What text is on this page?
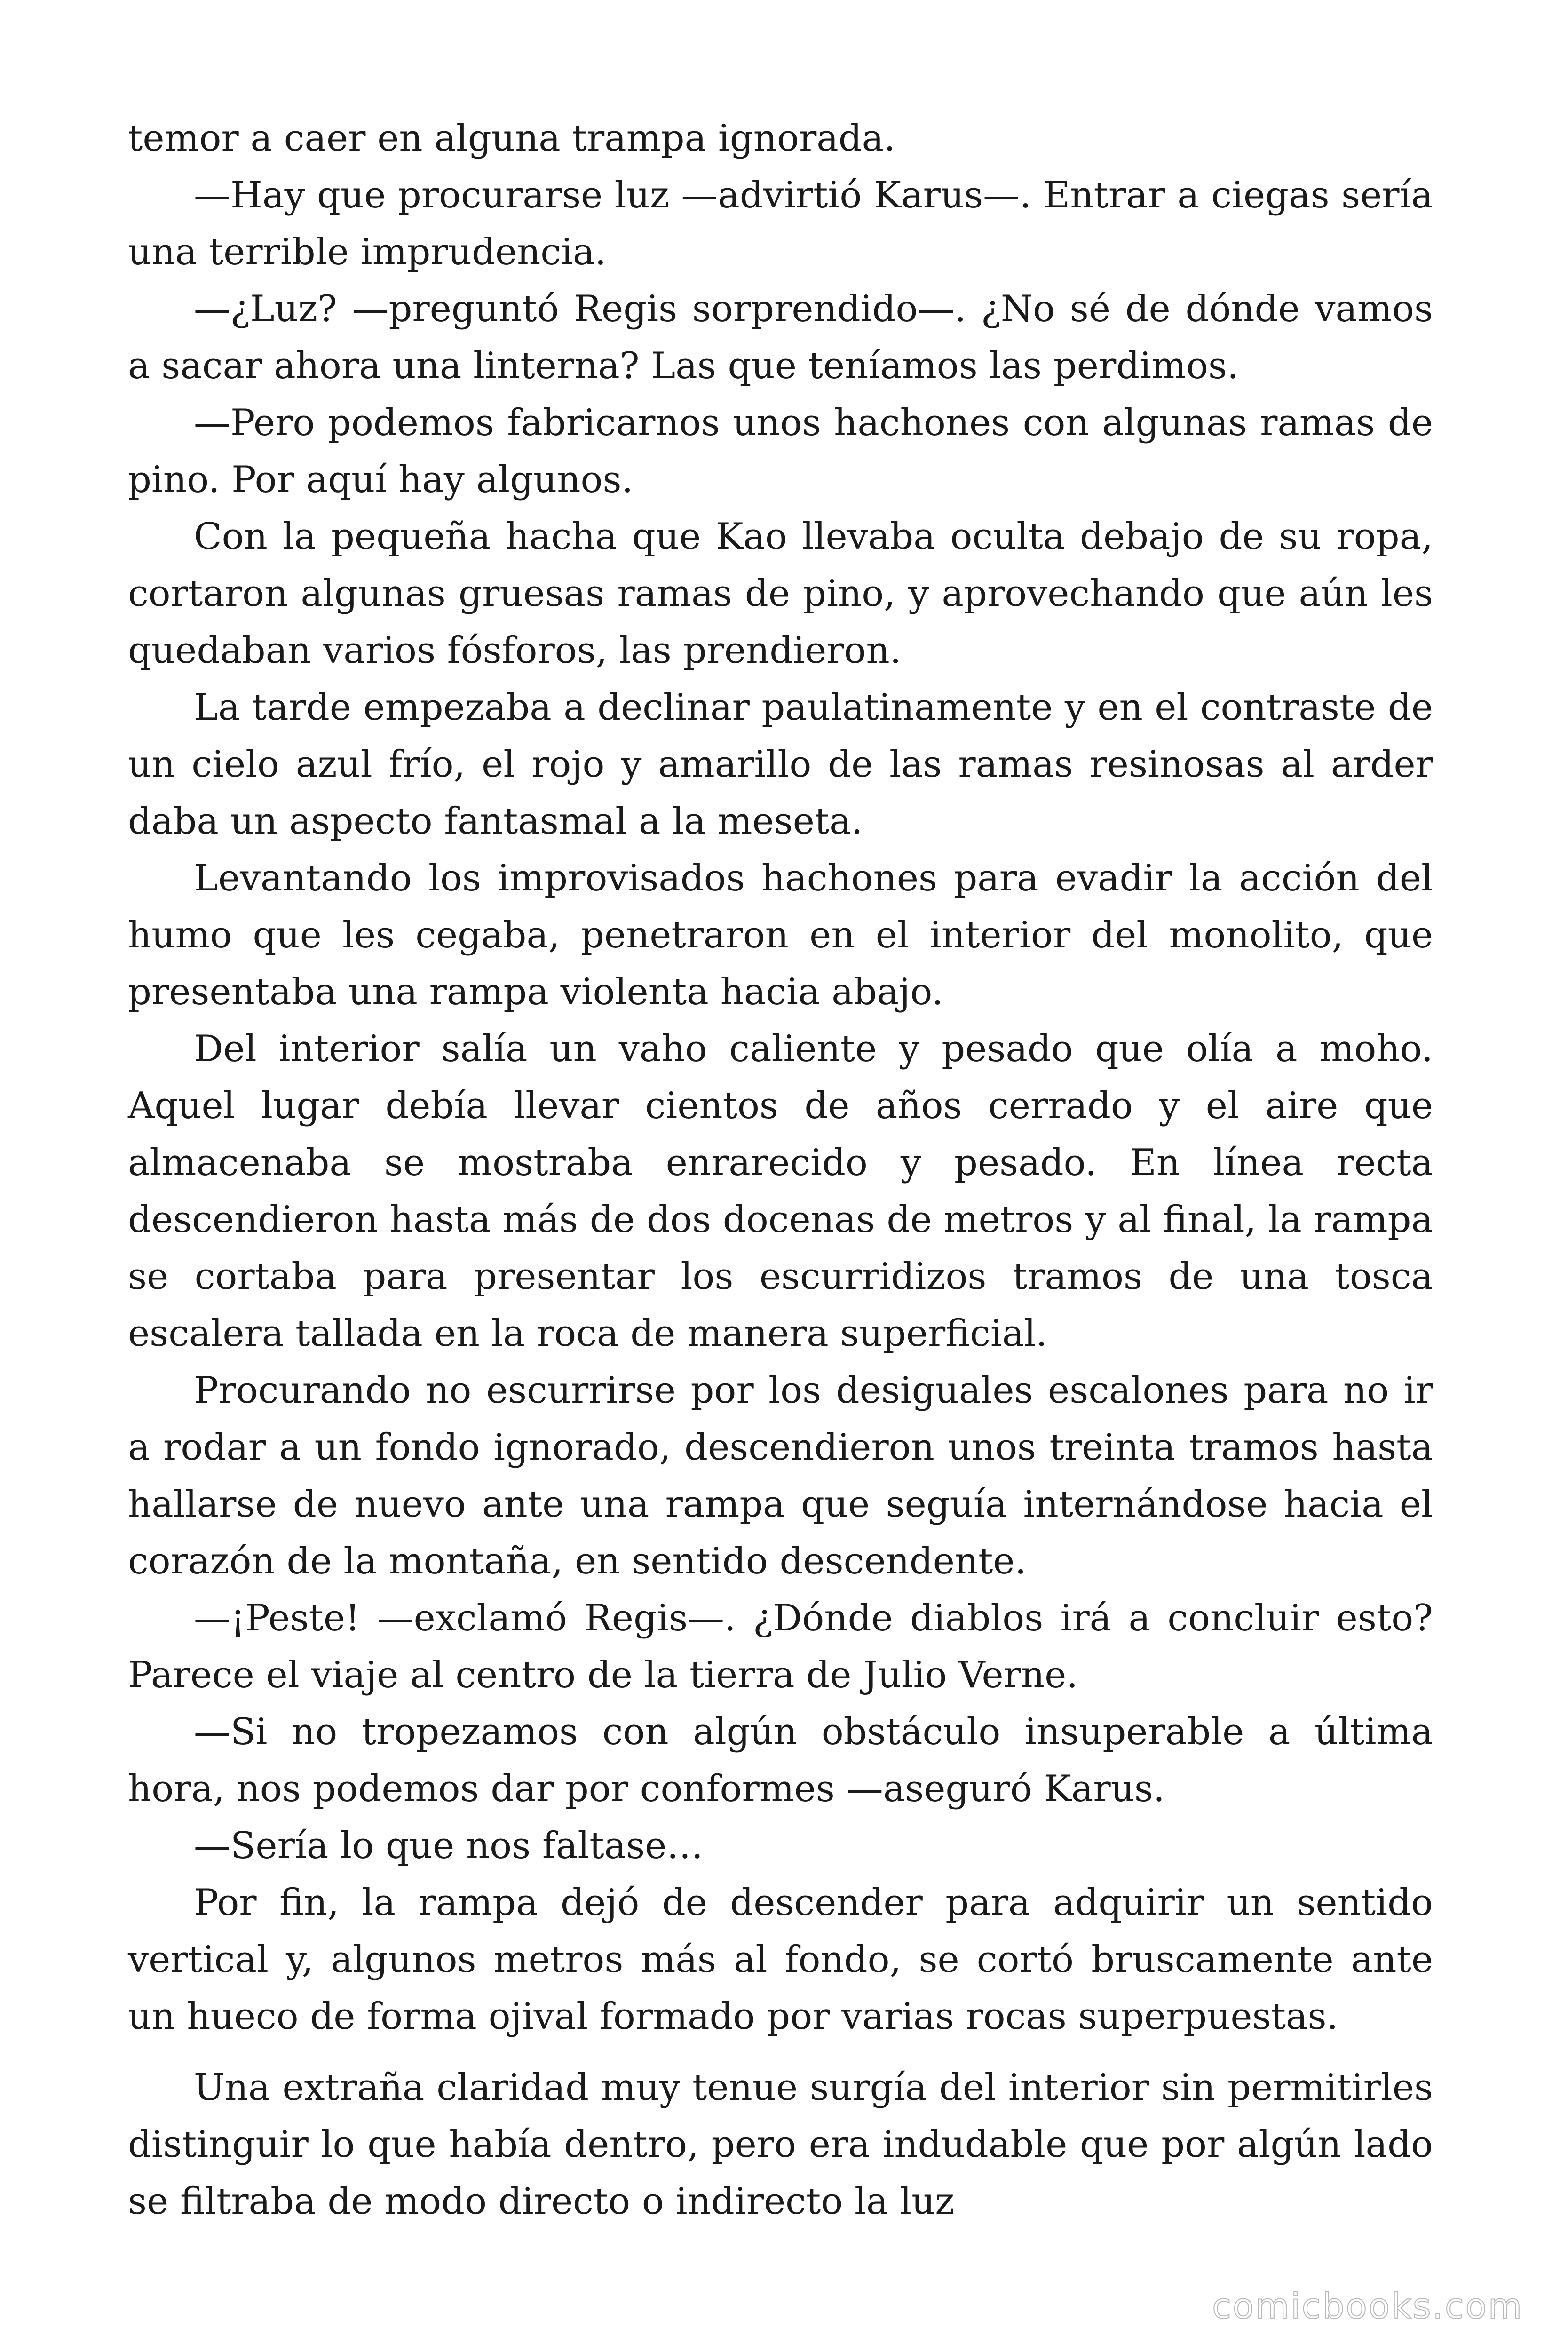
temor a caer en alguna trampa ignorada.

—Hay que procurarse luz —advirtió Karus—. Entrar a ciegas sería una terrible imprudencia.

—¿Luz? —preguntó Regis sorprendido—. ¿No sé de dónde vamos a sacar ahora una linterna? Las que teníamos las perdimos.

—Pero podemos fabricarnos unos hachones con algunas ramas de pino. Por aquí hay algunos.

Con la pequeña hacha que Kao llevaba oculta debajo de su ropa, cortaron algunas gruesas ramas de pino, y aprovechando que aún les quedaban varios fósforos, las prendieron.

La tarde empezaba a declinar paulatinamente y en el contraste de un cielo azul frío, el rojo y amarillo de las ramas resinosas al arder daba un aspecto fantasmal a la meseta.

Levantando los improvisados hachones para evadir la acción del humo que les cegaba, penetraron en el interior del monolito, que presentaba una rampa violenta hacia abajo.

Del interior salía un vaho caliente y pesado que olía a moho. Aquel lugar debía llevar cientos de años cerrado y el aire que almacenaba se mostraba enrarecido y pesado. En línea recta descendieron hasta más de dos docenas de metros y al final, la rampa se cortaba para presentar los escurridizos tramos de una tosca escalera tallada en la roca de manera superficial.

Procurando no escurrirse por los desiguales escalones para no ir a rodar a un fondo ignorado, descendieron unos treinta tramos hasta hallarse de nuevo ante una rampa que seguía internándose hacia el corazón de la montaña, en sentido descendente.

—¡Peste! —exclamó Regis—. ¿Dónde diablos irá a concluir esto? Parece el viaje al centro de la tierra de Julio Verne.

—Si no tropezamos con algún obstáculo insuperable a última hora, nos podemos dar por conformes —aseguró Karus.

—Sería lo que nos faltase…

Por fin, la rampa dejó de descender para adquirir un sentido vertical y, algunos metros más al fondo, se cortó bruscamente ante un hueco de forma ojival formado por varias rocas superpuestas.

Una extraña claridad muy tenue surgía del interior sin permitirles distinguir lo que había dentro, pero era indudable que por algún lado se filtraba de modo directo o indirecto la luz

comicbooks.com
